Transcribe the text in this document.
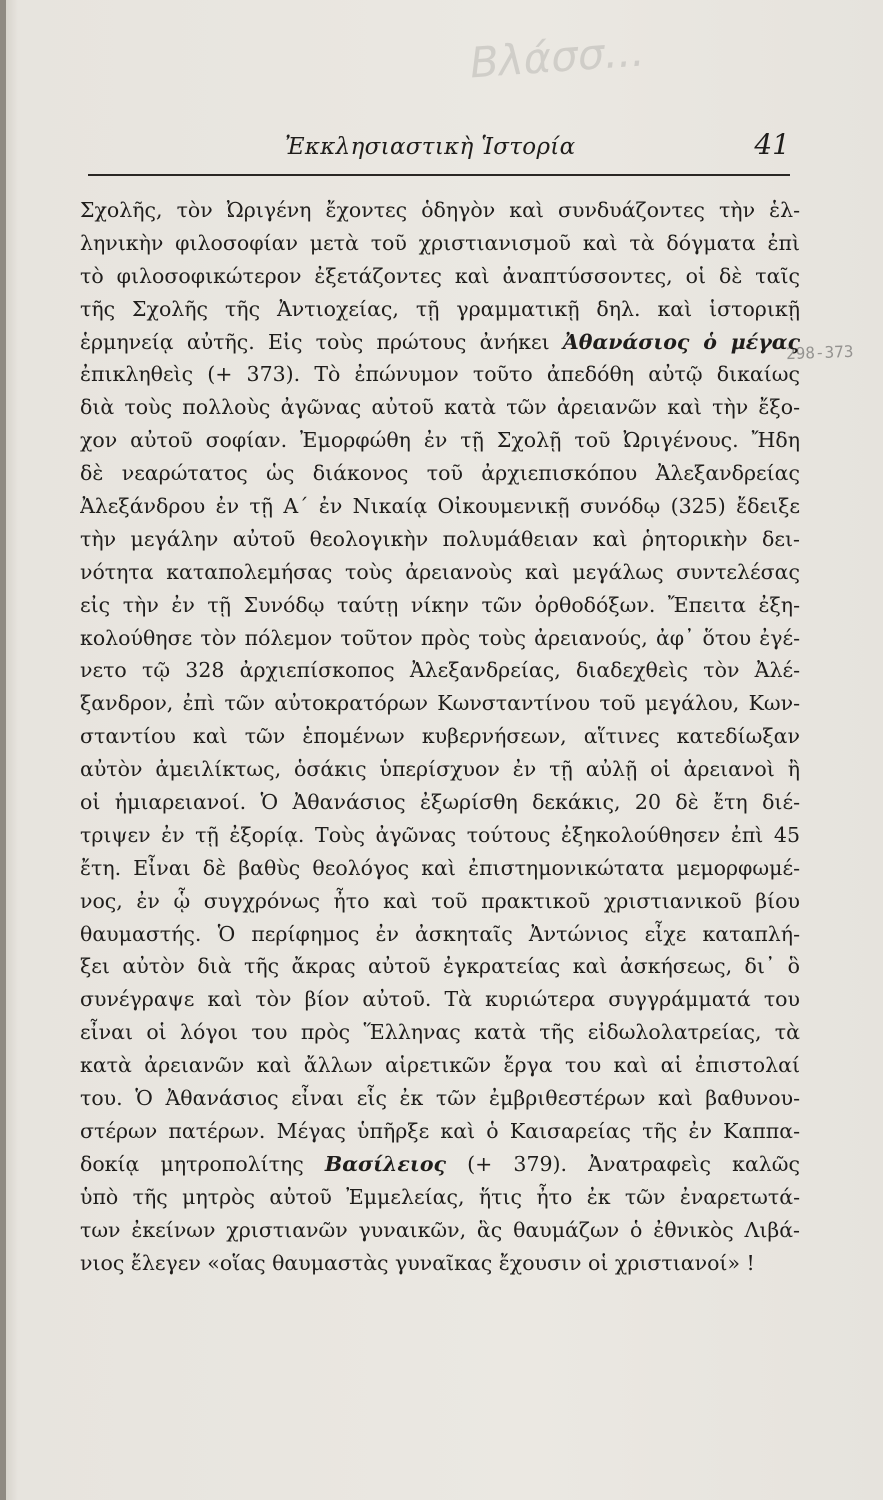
Βλάσσ...
Ἐκκλησιαστικὴ Ἱστορία	41
298-373
Σχολῆς, τὸν Ὠριγένη ἔχοντες ὁδηγὸν καὶ συνδυάζοντες τὴν ἑλ-
ληνικὴν φιλοσοφίαν μετὰ τοῦ χριστιανισμοῦ καὶ τὰ δόγματα ἐπὶ
τὸ φιλοσοφικώτερον ἐξετάζοντες καὶ ἀναπτύσσοντες, οἱ δὲ ταῖς
τῆς Σχολῆς τῆς Ἀντιοχείας, τῇ γραμματικῇ δηλ. καὶ ἱστορικῇ
ἑρμηνείᾳ αὐτῆς. Εἰς τοὺς πρώτους ἀνήκει Ἀθανάσιος ὁ μέγας
ἐπικληθεὶς (+ 373). Τὸ ἐπώνυμον τοῦτο ἀπεδόθη αὐτῷ δικαίως
διὰ τοὺς πολλοὺς ἀγῶνας αὐτοῦ κατὰ τῶν ἀρειανῶν καὶ τὴν ἔξο-
χον αὐτοῦ σοφίαν. Ἐμορφώθη ἐν τῇ Σχολῇ τοῦ Ὠριγένους. Ἤδη
δὲ νεαρώτατος ὡς διάκονος τοῦ ἀρχιεπισκόπου Ἀλεξανδρείας
Ἀλεξάνδρου ἐν τῇ Α΄ ἐν Νικαίᾳ Οἰκουμενικῇ συνόδῳ (325) ἔδειξε
τὴν μεγάλην αὐτοῦ θεολογικὴν πολυμάθειαν καὶ ῥητορικὴν δει-
νότητα καταπολεμήσας τοὺς ἀρειανοὺς καὶ μεγάλως συντελέσας
εἰς τὴν ἐν τῇ Συνόδῳ ταύτῃ νίκην τῶν ὀρθοδόξων. Ἔπειτα ἐξη-
κολούθησε τὸν πόλεμον τοῦτον πρὸς τοὺς ἀρειανούς, ἀφ᾽ ὅτου ἐγέ-
νετο τῷ 328 ἀρχιεπίσκοπος Ἀλεξανδρείας, διαδεχθεὶς τὸν Ἀλέ-
ξανδρον, ἐπὶ τῶν αὐτοκρατόρων Κωνσταντίνου τοῦ μεγάλου, Κων-
σταντίου καὶ τῶν ἑπομένων κυβερνήσεων, αἵτινες κατεδίωξαν
αὐτὸν ἀμειλίκτως, ὁσάκις ὑπερίσχυον ἐν τῇ αὐλῇ οἱ ἀρειανοὶ ἢ
οἱ ἡμιαρειανοί. Ὁ Ἀθανάσιος ἐξωρίσθη δεκάκις, 20 δὲ ἔτη διέ-
τριψεν ἐν τῇ ἐξορίᾳ. Τοὺς ἀγῶνας τούτους ἐξηκολούθησεν ἐπὶ 45
ἔτη. Εἶναι δὲ βαθὺς θεολόγος καὶ ἐπιστημονικώτατα μεμορφωμέ-
νος, ἐν ᾧ συγχρόνως ἦτο καὶ τοῦ πρακτικοῦ χριστιανικοῦ βίου
θαυμαστής. Ὁ περίφημος ἐν ἀσκηταῖς Ἀντώνιος εἶχε καταπλή-
ξει αὐτὸν διὰ τῆς ἄκρας αὐτοῦ ἐγκρατείας καὶ ἀσκήσεως, δι᾽ ὃ
συνέγραψε καὶ τὸν βίον αὐτοῦ. Τὰ κυριώτερα συγγράμματά του
εἶναι οἱ λόγοι του πρὸς Ἕλληνας κατὰ τῆς εἰδωλολατρείας, τὰ
κατὰ ἀρειανῶν καὶ ἄλλων αἱρετικῶν ἔργα του καὶ αἱ ἐπιστολαί
του. Ὁ Ἀθανάσιος εἶναι εἷς ἐκ τῶν ἐμβριθεστέρων καὶ βαθυνου-
στέρων πατέρων. Μέγας ὑπῆρξε καὶ ὁ Καισαρείας τῆς ἐν Καππα-
δοκίᾳ μητροπολίτης Βασίλειος (+ 379). Ἀνατραφεὶς καλῶς
ὑπὸ τῆς μητρὸς αὐτοῦ Ἐμμελείας, ἥτις ἦτο ἐκ τῶν ἐναρετωτά-
των ἐκείνων χριστιανῶν γυναικῶν, ἃς θαυμάζων ὁ ἐθνικὸς Λιβά-
νιος ἔλεγεν «οἵας θαυμαστὰς γυναῖκας ἔχουσιν οἱ χριστιανοί» !
